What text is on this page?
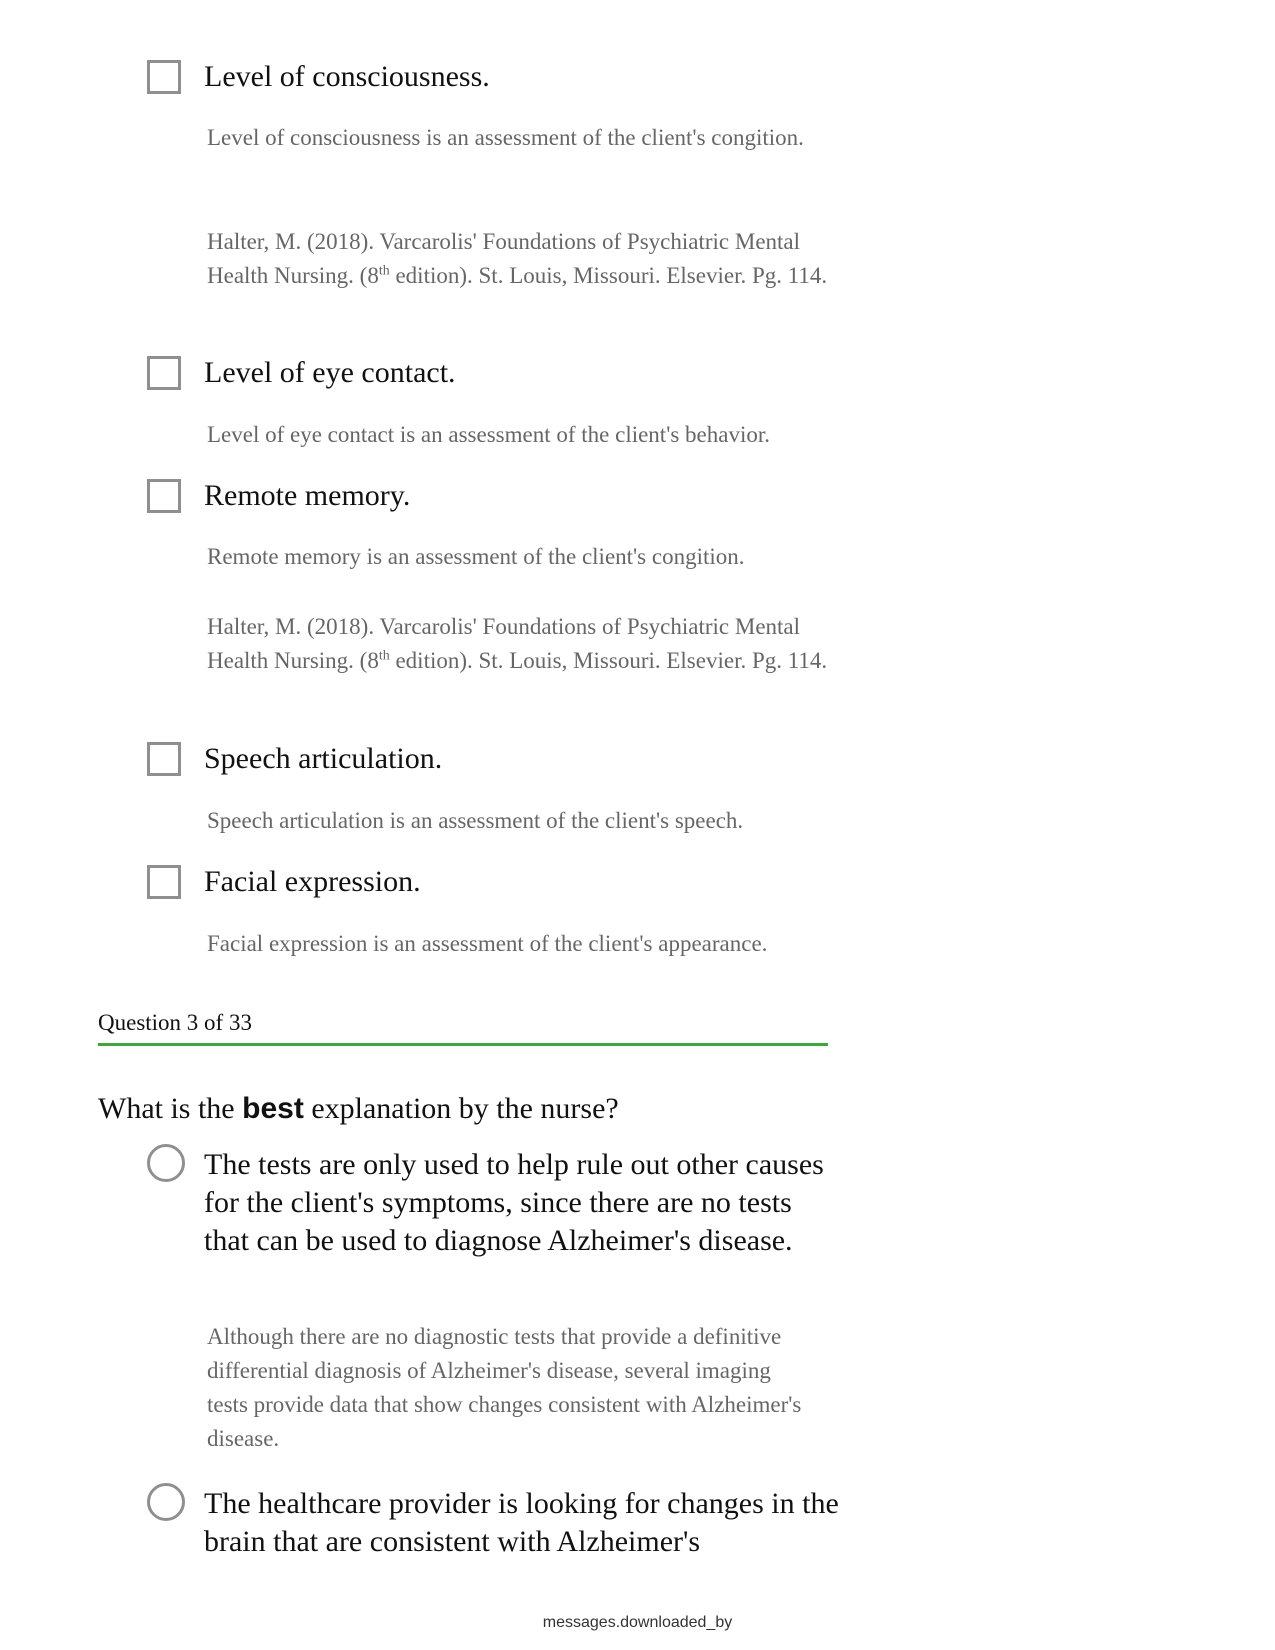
Level of consciousness.
Level of consciousness is an assessment of the client's congition.
Halter, M. (2018). Varcarolis' Foundations of Psychiatric Mental Health Nursing. (8th edition). St. Louis, Missouri. Elsevier. Pg. 114.
Level of eye contact.
Level of eye contact is an assessment of the client's behavior.
Remote memory.
Remote memory is an assessment of the client's congition.
Halter, M. (2018). Varcarolis' Foundations of Psychiatric Mental Health Nursing. (8th edition). St. Louis, Missouri. Elsevier. Pg. 114.
Speech articulation.
Speech articulation is an assessment of the client's speech.
Facial expression.
Facial expression is an assessment of the client's appearance.
Question 3 of 33
What is the best explanation by the nurse?
The tests are only used to help rule out other causes for the client's symptoms, since there are no tests that can be used to diagnose Alzheimer's disease.
Although there are no diagnostic tests that provide a definitive differential diagnosis of Alzheimer's disease, several imaging tests provide data that show changes consistent with Alzheimer's disease.
The healthcare provider is looking for changes in the brain that are consistent with Alzheimer's
messages.downloaded_by
